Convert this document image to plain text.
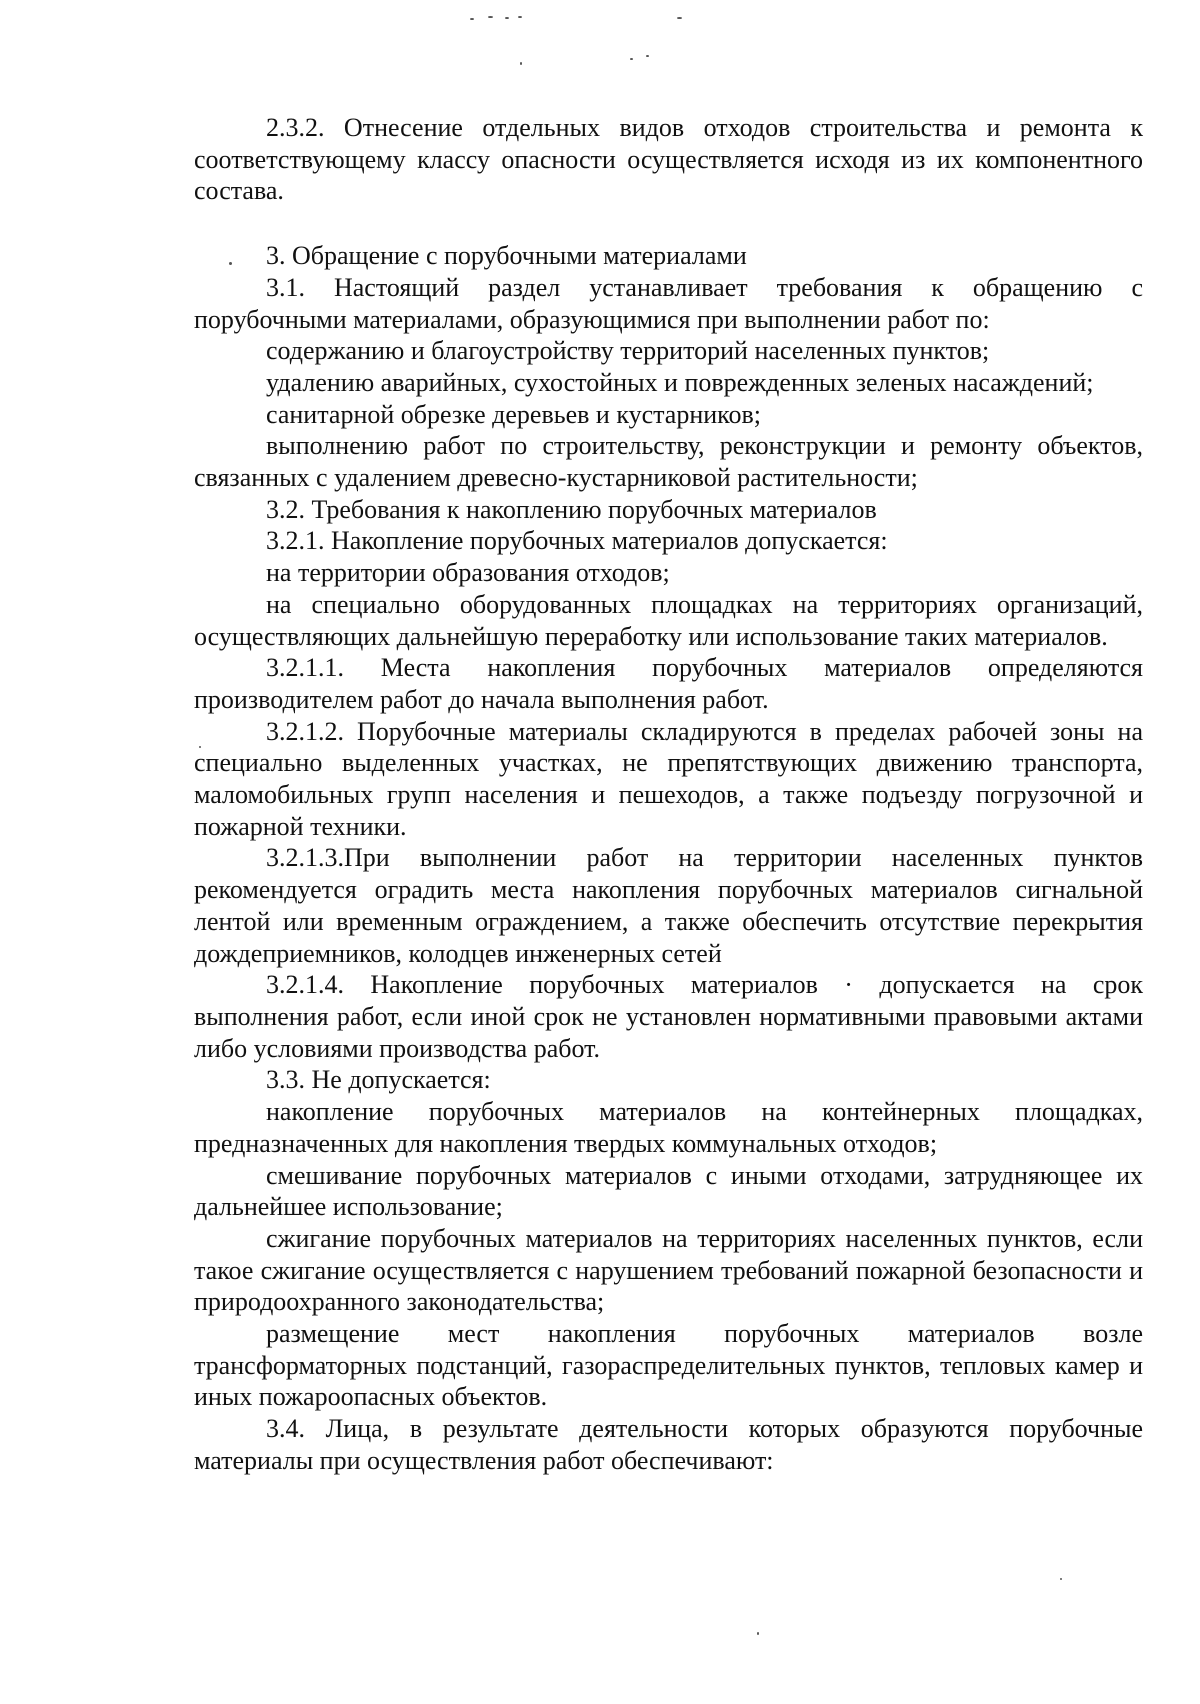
2.3.2. Отнесение отдельных видов отходов строительства и ремонта к соответствующему классу опасности осуществляется исходя из их компонентного состава.

3. Обращение с порубочными материалами

3.1. Настоящий раздел устанавливает требования к обращению с порубочными материалами, образующимися при выполнении работ по:

содержанию и благоустройству территорий населенных пунктов;

удалению аварийных, сухостойных и поврежденных зеленых насаждений;

санитарной обрезке деревьев и кустарников;

выполнению работ по строительству, реконструкции и ремонту объектов, связанных с удалением древесно-кустарниковой растительности;

3.2. Требования к накоплению порубочных материалов

3.2.1. Накопление порубочных материалов допускается:

на территории образования отходов;

на специально оборудованных площадках на территориях организаций, осуществляющих дальнейшую переработку или использование таких материалов.

3.2.1.1. Места накопления порубочных материалов определяются производителем работ до начала выполнения работ.

3.2.1.2. Порубочные материалы складируются в пределах рабочей зоны на специально выделенных участках, не препятствующих движению транспорта, маломобильных групп населения и пешеходов, а также подъезду погрузочной и пожарной техники.

3.2.1.3.При выполнении работ на территории населенных пунктов рекомендуется оградить места накопления порубочных материалов сигнальной лентой или временным ограждением, а также обеспечить отсутствие перекрытия дождеприемников, колодцев инженерных сетей

3.2.1.4. Накопление порубочных материалов · допускается на срок выполнения работ, если иной срок не установлен нормативными правовыми актами либо условиями производства работ.

3.3. Не допускается:

накопление порубочных материалов на контейнерных площадках, предназначенных для накопления твердых коммунальных отходов;

смешивание порубочных материалов с иными отходами, затрудняющее их дальнейшее использование;

сжигание порубочных материалов на территориях населенных пунктов, если такое сжигание осуществляется с нарушением требований пожарной безопасности и природоохранного законодательства;

размещение мест накопления порубочных материалов возле трансформаторных подстанций, газораспределительных пунктов, тепловых камер и иных пожароопасных объектов.

3.4. Лица, в результате деятельности которых образуются порубочные материалы при осуществления работ обеспечивают:
